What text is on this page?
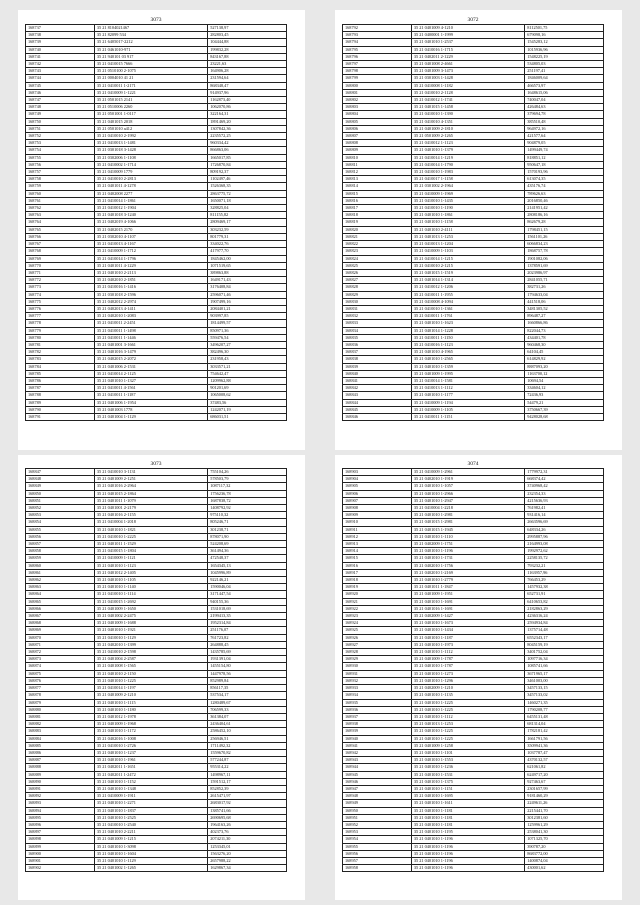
3073
168737	35 21 8104021467	527138,97
168738	35 21 82099 534	282803,45
168739	35 21 6405017-2212	104444,88
168740	35 21 0461010-971	199832,28
168741	35 21 940101 03 917	843167,88
168742	35 21 0410015 7666	23221,63
168743	35 21 0510100 2-1075	164906,28
168744	35 21 0004010 41 21	231594,64
168745	35 21 0410011 1-2171	868348,47
168746	35 21 0410009 1-1221	914937,96
168747	35 21 0501015 2141	1162873,40
168748	35 21 0510006 2260	1062070,86
168749	35 21 0501001 1-0117	322164,31
168750	35 21 0401015 2018	1891469,20
168751	35 21 0501010 a412	1307842,36
168752	35 21 0410010 2-1992	2235572,25
168753	35 21 0410013 1-1481	960334,42
168754	35 21 0301018 3-1428	866863,06
168755	35 21 0302006 1-1108	1665017,85
168756	35 21 0410002 1-1714	1726870,84
168757	35 21 0410009 1779	809192,37
168758	35 21 0410010 2-2813	1102497,46
168759	35 21 0401011 4-1278	1526368,35
168760	35 21 0402008 2277	2863775,72
168761	35 21 0410014 1-1861	1650071,18
168762	35 21 0410012 1-1904	328825,04
168763	35 21 0401018 3-1240	811155,82
168764	35 21 0402019 4-1066	2809469,17
168765	35 21 0402015 2170	303232,59
168766	35 21 0302010 4-1107	801779,31
168767	35 21 0410013 4-1167	334022,76
168768	35 21 0410009 1-1712	417977,70
168769	35 21 0410014 1-1796	1845462,00
168770	35 21 0401011 4-1229	1071519,65
168771	35 21 0401010 2-2113	389863,88
168772	35 21 0402010 2-1851	1649171,43
168773	35 21 0410016 1-1416	3176408,84
168774	35 21 0301018 2-1596	2596071,46
168775	35 21 0402012 2-2974	1907499,16
168776	35 21 0402013 4-1411	2084401,21
168777	35 21 0402010 1-2083	903997,85
168778	35 21 0410011 2-2451	1814499,57
168779	35 21 0410011 1-1498	850971,36
168780	35 21 0410011 1-1446	559476,54
168781	35 21 0401001 3-1661	3496207,27
168782	35 21 0401016 3-1479	382496,30
168783	35 21 0402015 2-2072	231958,43
168784	35 21 0401006 2-1531	3033571,21
168785	35 21 0410014 2-1125	754642,47
168786	35 21 0401010 1-1327	1209962,88
168787	35 21 0410011 4-1561	901201,69
168788	35 21 0410011 1-1187	1065008,62
168789	35 21 0401006 1-1954	37483,56
168790	35 21 0401003 1778	1242071,19
168791	35 21 0401004 1-1129	686031,51
3072
168792	35 21 0401009 4-1210	8112501,75
168793	35 21 0400001 1-1999	679098,16
168794	35 21 0401010 1-2537	1545283,12
168795	35 21 0410016 1-1715	1015936,96
168796	35 21 0402011 2-1229	1548225,19
168797	35 21 0401008 2-4661	534805,03
168798	35 21 0401009 3-1473	251197,41
168799	35 21 0301003 1-1428	1846009,64
168800	35 21 0410008 1-1182	466573,97
168801	35 21 0410010 2-1128	1648615,06
168802	35 21 0410012 1-1741	740047,04
168803	35 21 0401015 1-1458	426484,63
168804	35 21 0410010 1-1390	379694,78
168805	35 21 0410010 4-1351	385510,48
168806	35 21 0401009 2-1810	964972,16
168807	35 21 0501009 2-1265	421577,64
168808	35 21 0410012 1-1123	904879,05
168809	35 21 0401010 1-1379	1499449,74
168810	35 21 0410014 1-1219	818851,12
168811	35 21 0410014 1-1790	950647,18
168812	35 21 0410010 1-1983	1570193,96
168813	35 21 0410017 1-1158	613074,35
168814	35 21 0301002 2-1964	435176,74
168815	35 21 0410009 1-1969	789626,63
168816	35 21 0410010 1-1435	2016850,46
168817	35 21 0410010 1-1190	2141951,42
168818	35 21 0401010 1-1861	2808186,16
168819	35 21 0401010 1-1158	862679,28
168820	35 21 0401010 2-4111	1798451,15
168821	35 21 0401013 1-1253	1561101,26
168822	35 21 0410013 1-1204	6066834,23
168823	35 21 0410009 1-1103	1868757,78
168824	35 21 0410014 1-1215	1901082,06
168825	35 21 0410010 2-1215	1378591,69
168826	35 21 0401015 1-1519	2023986,97
168827	35 21 0401014 1-1314	2841055,71
168828	35 21 0410012 1-1206	382731,26
168829	35 21 0410011 1-1955	1794633,04
168830	35 21 0410008 4-1094	441518,06
168831	35 21 0410010 1-1361	3481305,52
168832	35 21 0410011 1-1761	896487,27
168833	35 21 0401010 1-1623	1660866,86
168834	35 21 0401014 1-1228	822044,73
168835	35 21 0410011 1-1150	434401,78
168836	35 21 0410016 1-1123	960468,30
168837	35 21 0401010 4-1965	64104,45
168838	35 21 0401010 1-2565	614829,92
168839	35 21 0401010 1-1359	8887093,20
168840	35 21 0401009 1-1995	1163700,12
168841	35 21 0410014 1-1581	10694,54
168842	35 21 0410013 1-1112	334604,12
168843	35 21 0401010 1-1177	72436,93
168844	35 21 0410009 1-1194	54479,21
168845	35 21 0410009 1-1105	3750667,39
168846	35 21 0410011 1-1151	9428028,68
3073
168847	35 21 0410010 3-1131	755104,26
168848	35 21 0401009 2-1251	578503,79
168849	35 21 0401016 2-2964	1087117,32
168850	35 21 0401015 2-1864	1756236,78
168851	35 21 0401011 1-1079	1687838,72
168852	35 21 0401001 2-2179	1408792,92
168853	35 21 0401016 2-1155	975110,32
168854	35 21 0410004 1-2018	805246,71
168855	35 21 0401010 1-1821	301238,71
168856	35 21 0410010 1-2225	878071,90
168857	35 21 0401011 1-1529	524208,69
168858	35 21 0410015 1-1804	361494,36
168859	35 21 0410009 1-1121	472548,37
168860	35 21 0401010 1-1123	1654345,13
168861	35 21 0401012 2-1405	1045996,89
168862	35 21 0401010 1-1105	922146,21
168863	35 21 0401010 1-1140	1590046,04
168864	35 21 0410010 1-1114	3171447,54
168865	35 21 0410015 1-2692	940155,36
168866	35 21 0401009 1-1650	1531018,69
168867	35 21 0401002 2-2475	2199413,35
168868	35 21 0401009 1-1688	1952314,84
168869	35 21 0401010 1-1921	251176,07
168870	35 21 0410010 1-1129	761723,82
168871	35 21 0402010 1-1399	264888,45
168872	35 21 0410010 2-1598	1435785,69
168873	35 21 0401004 2-2587	1931391,04
168874	35 21 0401008 1-1565	1455154,80
168875	35 21 0401010 2-1150	1447978,56
168876	35 21 0401010 1-1225	852989,84
168877	35 21 0410014 1-1197	856117,35
168878	35 21 0401009 2-1210	537534,17
168879	35 21 0401010 1-1115	1280489,67
168880	35 21 0401010 1-1180	706599,33
168881	35 21 0401012 1-1978	361384,07
168882	35 21 0401009 1-1968	2436404,61
168883	35 21 0401010 1-1172	2586452,10
168884	35 21 0402016 1-1008	256946,51
168885	35 21 0410010 1-2726	1711492,32
168886	35 21 0401010 1-1237	1559670,82
168887	35 21 0401010 1-1961	577244,87
168888	35 21 0402011 1-1651	955314,22
168889	35 21 0402011 1-2472	1498967,11
168890	35 21 0401010 1-1152	1591512,17
168891	35 21 0401010 1-1348	852852,39
168892	35 21 0410009 1-1911	2615471,97
168893	35 21 0401010 1-2271	2683017,92
168894	35 21 0401010 1-1837	1385741,66
168895	35 21 0401010 1-2525	2690695,68
168896	35 21 0410010 1-2540	1964163,26
168897	35 21 0401010 2-2211	402373,76
168898	35 21 0401009 1-1215	2074211,30
168899	35 21 0401010 1-3098	1253345,01
168900	35 21 0401010 1-1604	1563276,20
168901	35 21 0401010 1-1129	2657988,22
168902	35 21 0401002 1-1265	1629867,34
3074
168903	35 21 0410009 1-2961	1779972,31
168904	35 21 0402010 1-1919	668374,42
168905	35 21 0401010 1-1057	3740968,42
168906	35 21 0401010 1-2966	232354,33
168907	35 21 0401010 1-2947	4215636,93
168908	35 21 0410004 1-2218	761982,41
168909	35 21 0401010 1-2981	931416,14
168910	35 21 0401015 1-2981	2663596,69
168911	35 21 0401015 1-1945	648334,26
168912	35 21 0401010 1-1110	2995887,96
168913	35 21 0402009 1-1751	2164993,08
168914	35 21 0401010 1-1196	1992972,62
168915	35 21 0401010 1-1731	2258135,72
168916	35 21 0402010 1-1756	793232,21
168917	35 21 0402010 1-2169	1163957,96
168918	35 21 0401010 1-2779	766453,29
168919	35 21 0401011 1-1847	1457932,38
168920	35 21 0401009 1-1951	652731,91
168921	35 21 0401010 1-1691	6410653,82
168922	35 21 0401016 1-1691	2182863,29
168923	35 21 0402009 1-1427	4236316,24
168924	35 21 0401010 1-1673	2594934,84
168925	35 21 0401010 1-1434	1375714,48
168926	35 21 0401010 1-1187	6552343,17
168927	35 21 0401010 1-1973	8045159,19
168928	35 21 0401010 1-1112	3401752,04
168929	35 21 0401009 1-1787	1097716,34
168930	35 21 0401010 1-1787	1085741,66
168931	35 21 0401010 1-1273	3671965,17
168932	35 21 0401010 1-1296	3461003,00
168933	35 21 0402009 1-1210	3457133,15
168934	35 21 0401010 1-1135	3457133,02
168935	35 21 0401010 1-1225	1460271,35
168936	35 21 0401010 1-1225	1790208,77
168937	35 21 0401010 1-1112	6455131,48
168938	35 21 0401013 1-1253	681314,04
168939	35 21 0401010 1-1225	1782181,42
168940	35 21 0401010 1-1225	1661791,56
168941	35 21 0401009 1-1258	3509941,36
168942	35 21 0401010 1-1101	1037787,47
168943	35 21 0401010 1-1553	4370132,57
168944	35 21 0401010 1-1236	621061,82
168945	35 21 0401010 1-1531	6249717,20
168946	35 21 0401010 1-1375	927463,67
168947	35 21 0401010 1-1151	2301657,99
168948	35 21 0401010 1-1695	9181460,29
168949	35 21 0401010 1-1611	2249611,26
168950	35 21 0401010 1-1181	2215441,70
168951	35 21 0401010 1-1181	3012381,60
168952	35 21 0401010 1-1181	1259961,29
168953	35 21 0401010 1-1195	2538041,30
168954	35 21 0401010 1-1196	1071325,70
168955	35 21 0401010 1-1196	390787,20
168956	35 21 0401010 1-1196	8683772,00
168957	35 21 0401010 1-1196	1400874,04
168958	35 21 0401010 1-1196	430001,62
